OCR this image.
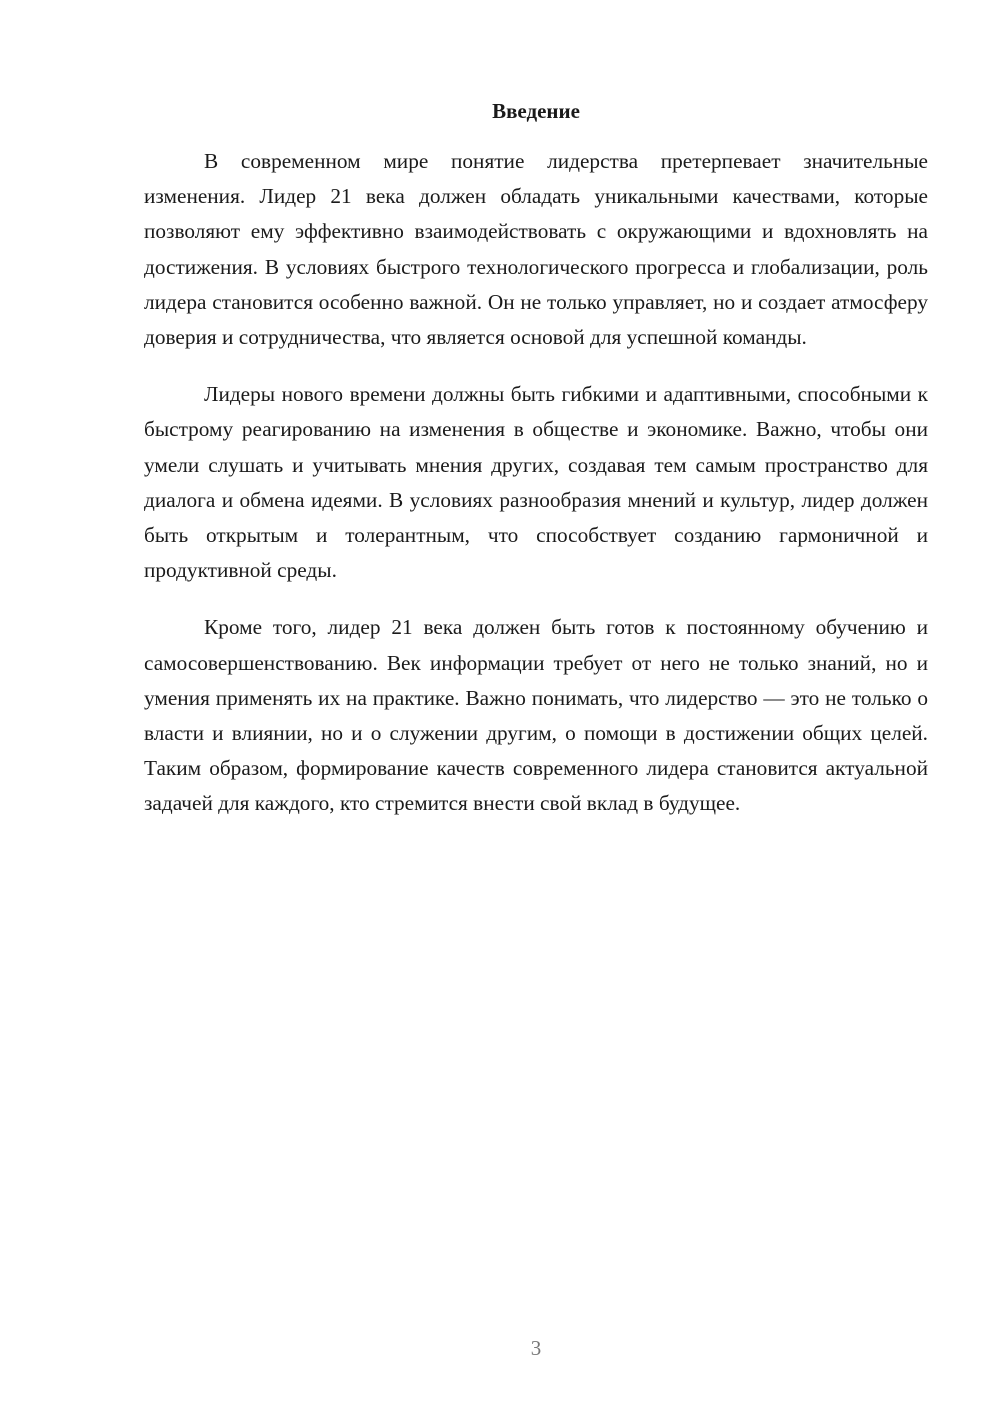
Введение

В современном мире понятие лидерства претерпевает значительные изменения. Лидер 21 века должен обладать уникальными качествами, которые позволяют ему эффективно взаимодействовать с окружающими и вдохновлять на достижения. В условиях быстрого технологического прогресса и глобализации, роль лидера становится особенно важной. Он не только управляет, но и создает атмосферу доверия и сотрудничества, что является основой для успешной команды.

Лидеры нового времени должны быть гибкими и адаптивными, способными к быстрому реагированию на изменения в обществе и экономике. Важно, чтобы они умели слушать и учитывать мнения других, создавая тем самым пространство для диалога и обмена идеями. В условиях разнообразия мнений и культур, лидер должен быть открытым и толерантным, что способствует созданию гармоничной и продуктивной среды.

Кроме того, лидер 21 века должен быть готов к постоянному обучению и самосовершенствованию. Век информации требует от него не только знаний, но и умения применять их на практике. Важно понимать, что лидерство — это не только о власти и влиянии, но и о служении другим, о помощи в достижении общих целей. Таким образом, формирование качеств современного лидера становится актуальной задачей для каждого, кто стремится внести свой вклад в будущее.

3
